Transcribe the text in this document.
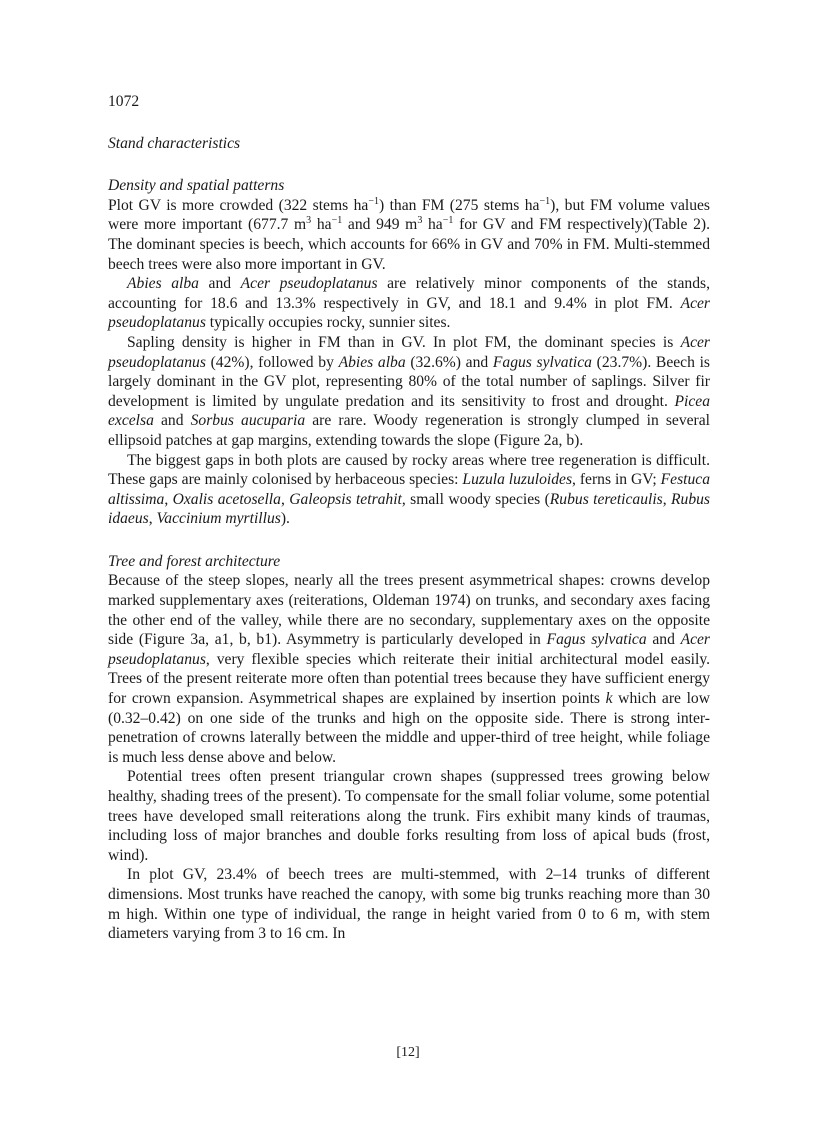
1072
Stand characteristics
Density and spatial patterns

Plot GV is more crowded (322 stems $ha^{-1}$) than FM (275 stems $ha^{-1}$), but FM volume values were more important (677.7 $m^3$ $ha^{-1}$ and 949 $m^3$ $ha^{-1}$ for GV and FM respectively)(Table 2). The dominant species is beech, which accounts for 66% in GV and 70% in FM. Multi-stemmed beech trees were also more important in GV.

Abies alba and Acer pseudoplatanus are relatively minor components of the stands, accounting for 18.6 and 13.3% respectively in GV, and 18.1 and 9.4% in plot FM. Acer pseudoplatanus typically occupies rocky, sunnier sites.

Sapling density is higher in FM than in GV. In plot FM, the dominant species is Acer pseudoplatanus (42%), followed by Abies alba (32.6%) and Fagus sylvatica (23.7%). Beech is largely dominant in the GV plot, representing 80% of the total number of saplings. Silver fir development is limited by ungulate predation and its sensitivity to frost and drought. Picea excelsa and Sorbus aucuparia are rare. Woody regeneration is strongly clumped in several ellipsoid patches at gap margins, extending towards the slope (Figure 2a, b).

The biggest gaps in both plots are caused by rocky areas where tree regeneration is difficult. These gaps are mainly colonised by herbaceous species: Luzula luzuloides, ferns in GV; Festuca altissima, Oxalis acetosella, Galeopsis tetrahit, small woody species (Rubus tereticaulis, Rubus idaeus, Vaccinium myrtillus).

Tree and forest architecture

Because of the steep slopes, nearly all the trees present asymmetrical shapes: crowns develop marked supplementary axes (reiterations, Oldeman 1974) on trunks, and secondary axes facing the other end of the valley, while there are no secondary, supplementary axes on the opposite side (Figure 3a, a1, b, b1). Asymmetry is particularly developed in Fagus sylvatica and Acer pseudoplatanus, very flexible species which reiterate their initial architectural model easily. Trees of the present reiterate more often than potential trees because they have sufficient energy for crown expansion. Asymmetrical shapes are explained by insertion points k which are low (0.32–0.42) on one side of the trunks and high on the opposite side. There is strong inter-penetration of crowns laterally between the middle and upper-third of tree height, while foliage is much less dense above and below.

Potential trees often present triangular crown shapes (suppressed trees growing below healthy, shading trees of the present). To compensate for the small foliar volume, some potential trees have developed small reiterations along the trunk. Firs exhibit many kinds of traumas, including loss of major branches and double forks resulting from loss of apical buds (frost, wind).

In plot GV, 23.4% of beech trees are multi-stemmed, with 2–14 trunks of different dimensions. Most trunks have reached the canopy, with some big trunks reaching more than 30 m high. Within one type of individual, the range in height varied from 0 to 6 m, with stem diameters varying from 3 to 16 cm. In

[12]
